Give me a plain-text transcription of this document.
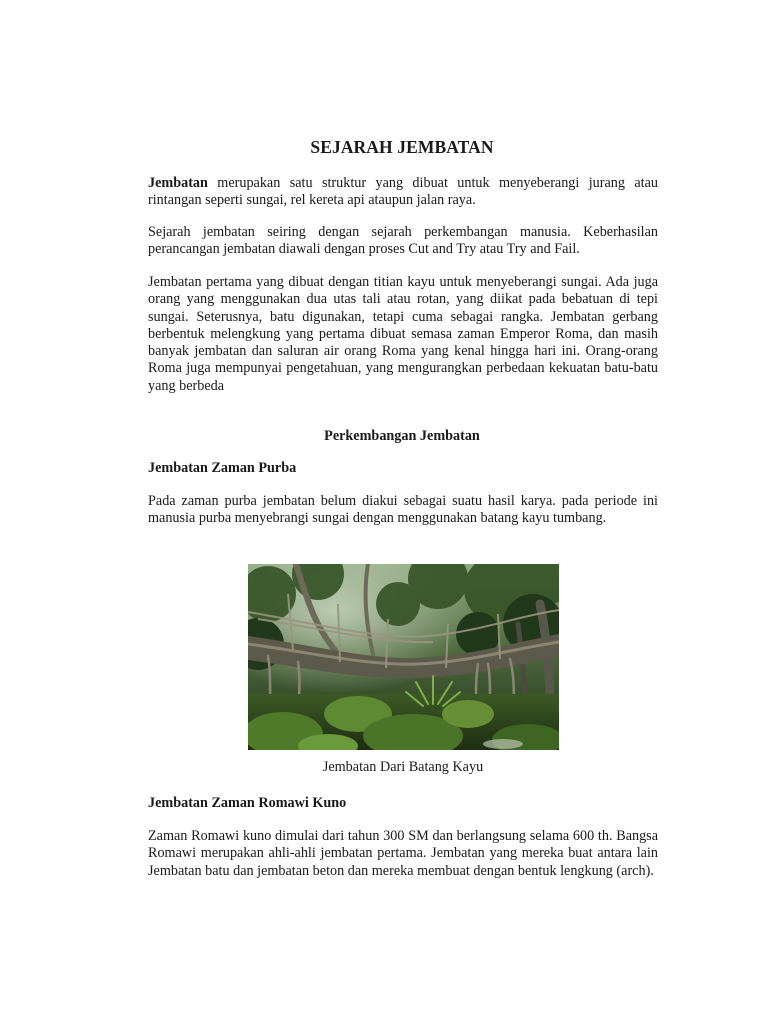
SEJARAH JEMBATAN

Jembatan merupakan satu struktur yang dibuat untuk menyeberangi jurang atau rintangan seperti sungai, rel kereta api ataupun jalan raya.

Sejarah jembatan seiring dengan sejarah perkembangan manusia. Keberhasilan perancangan jembatan diawali dengan proses Cut and Try atau Try and Fail.

Jembatan pertama yang dibuat dengan titian kayu untuk menyeberangi sungai. Ada juga orang yang menggunakan dua utas tali atau rotan, yang diikat pada bebatuan di tepi sungai. Seterusnya, batu digunakan, tetapi cuma sebagai rangka. Jembatan gerbang berbentuk melengkung yang pertama dibuat semasa zaman Emperor Roma, dan masih banyak jembatan dan saluran air orang Roma yang kenal hingga hari ini. Orang-orang Roma juga mempunyai pengetahuan, yang mengurangkan perbedaan kekuatan batu-batu yang berbeda

Perkembangan Jembatan
Jembatan Zaman Purba

Pada zaman purba jembatan belum diakui sebagai suatu hasil karya. pada periode ini manusia purba menyebrangi sungai dengan menggunakan batang kayu tumbang.

Jembatan Dari Batang Kayu
Jembatan Zaman Romawi Kuno

Zaman Romawi kuno dimulai dari tahun 300 SM dan berlangsung selama 600 th. Bangsa Romawi merupakan ahli-ahli jembatan pertama. Jembatan yang mereka buat antara lain Jembatan batu dan jembatan beton dan mereka membuat dengan bentuk lengkung (arch).
